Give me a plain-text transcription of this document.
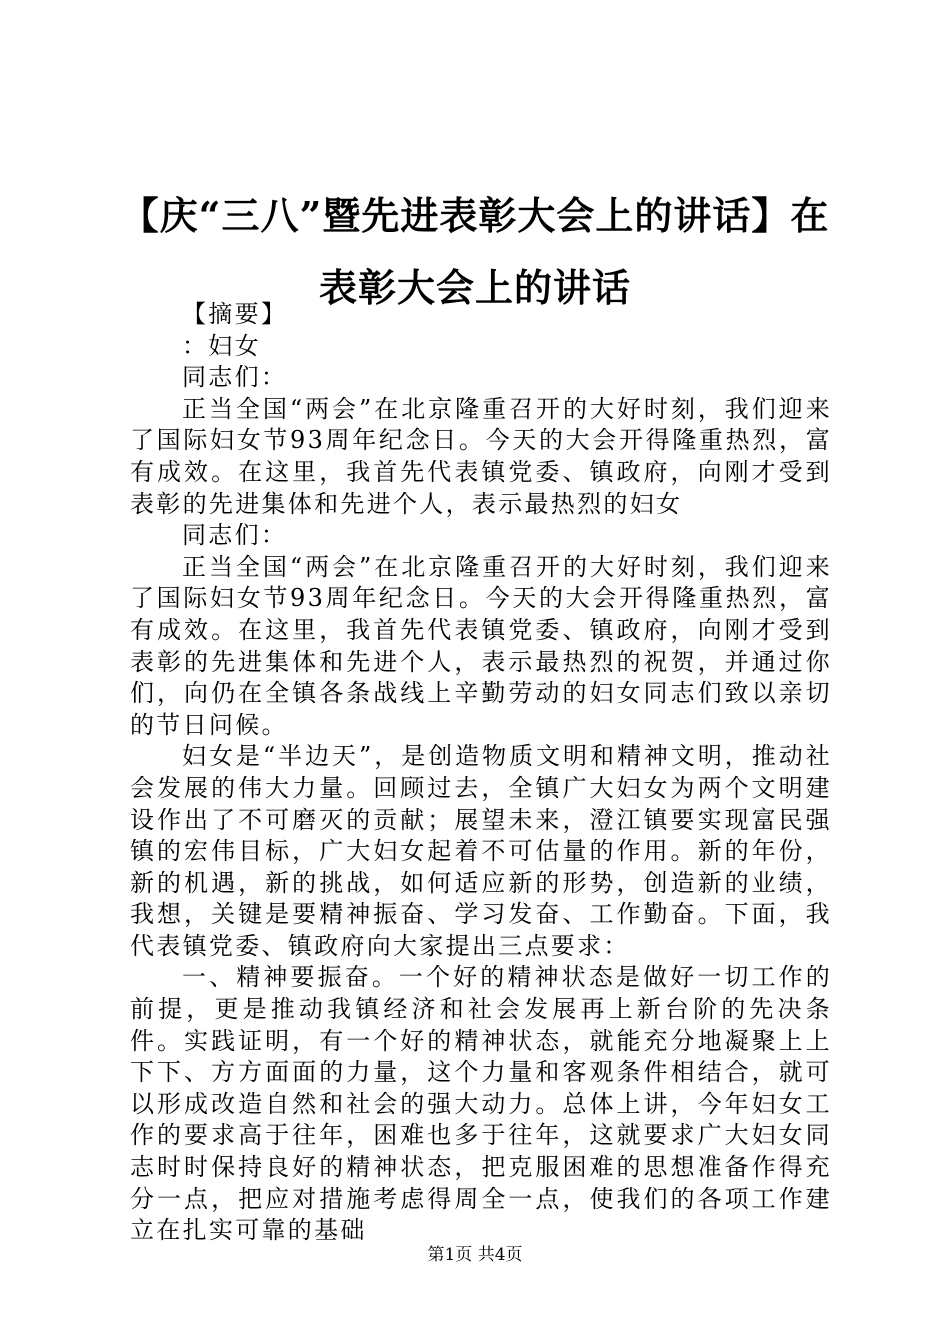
【庆“三八”暨先进表彰大会上的讲话】在表彰大会上的讲话

【摘要】

：妇女

同志们：

正当全国“两会”在北京隆重召开的大好时刻，我们迎来了国际妇女节93周年纪念日。今天的大会开得隆重热烈，富有成效。在这里，我首先代表镇党委、镇政府，向刚才受到表彰的先进集体和先进个人，表示最热烈的妇女

同志们：

正当全国“两会”在北京隆重召开的大好时刻，我们迎来了国际妇女节93周年纪念日。今天的大会开得隆重热烈，富有成效。在这里，我首先代表镇党委、镇政府，向刚才受到表彰的先进集体和先进个人，表示最热烈的祝贺，并通过你们，向仍在全镇各条战线上辛勤劳动的妇女同志们致以亲切的节日问候。

妇女是“半边天”，是创造物质文明和精神文明，推动社会发展的伟大力量。回顾过去，全镇广大妇女为两个文明建设作出了不可磨灭的贡献；展望未来，澄江镇要实现富民强镇的宏伟目标，广大妇女起着不可估量的作用。新的年份，新的机遇，新的挑战，如何适应新的形势，创造新的业绩，我想，关键是要精神振奋、学习发奋、工作勤奋。下面，我代表镇党委、镇政府向大家提出三点要求：

一、精神要振奋。一个好的精神状态是做好一切工作的前提，更是推动我镇经济和社会发展再上新台阶的先决条件。实践证明，有一个好的精神状态，就能充分地凝聚上上下下、方方面面的力量，这个力量和客观条件相结合，就可以形成改造自然和社会的强大动力。总体上讲，今年妇女工作的要求高于往年，困难也多于往年，这就要求广大妇女同志时时保持良好的精神状态，把克服困难的思想准备作得充分一点，把应对措施考虑得周全一点，使我们的各项工作建立在扎实可靠的基础

第1页 共4页
